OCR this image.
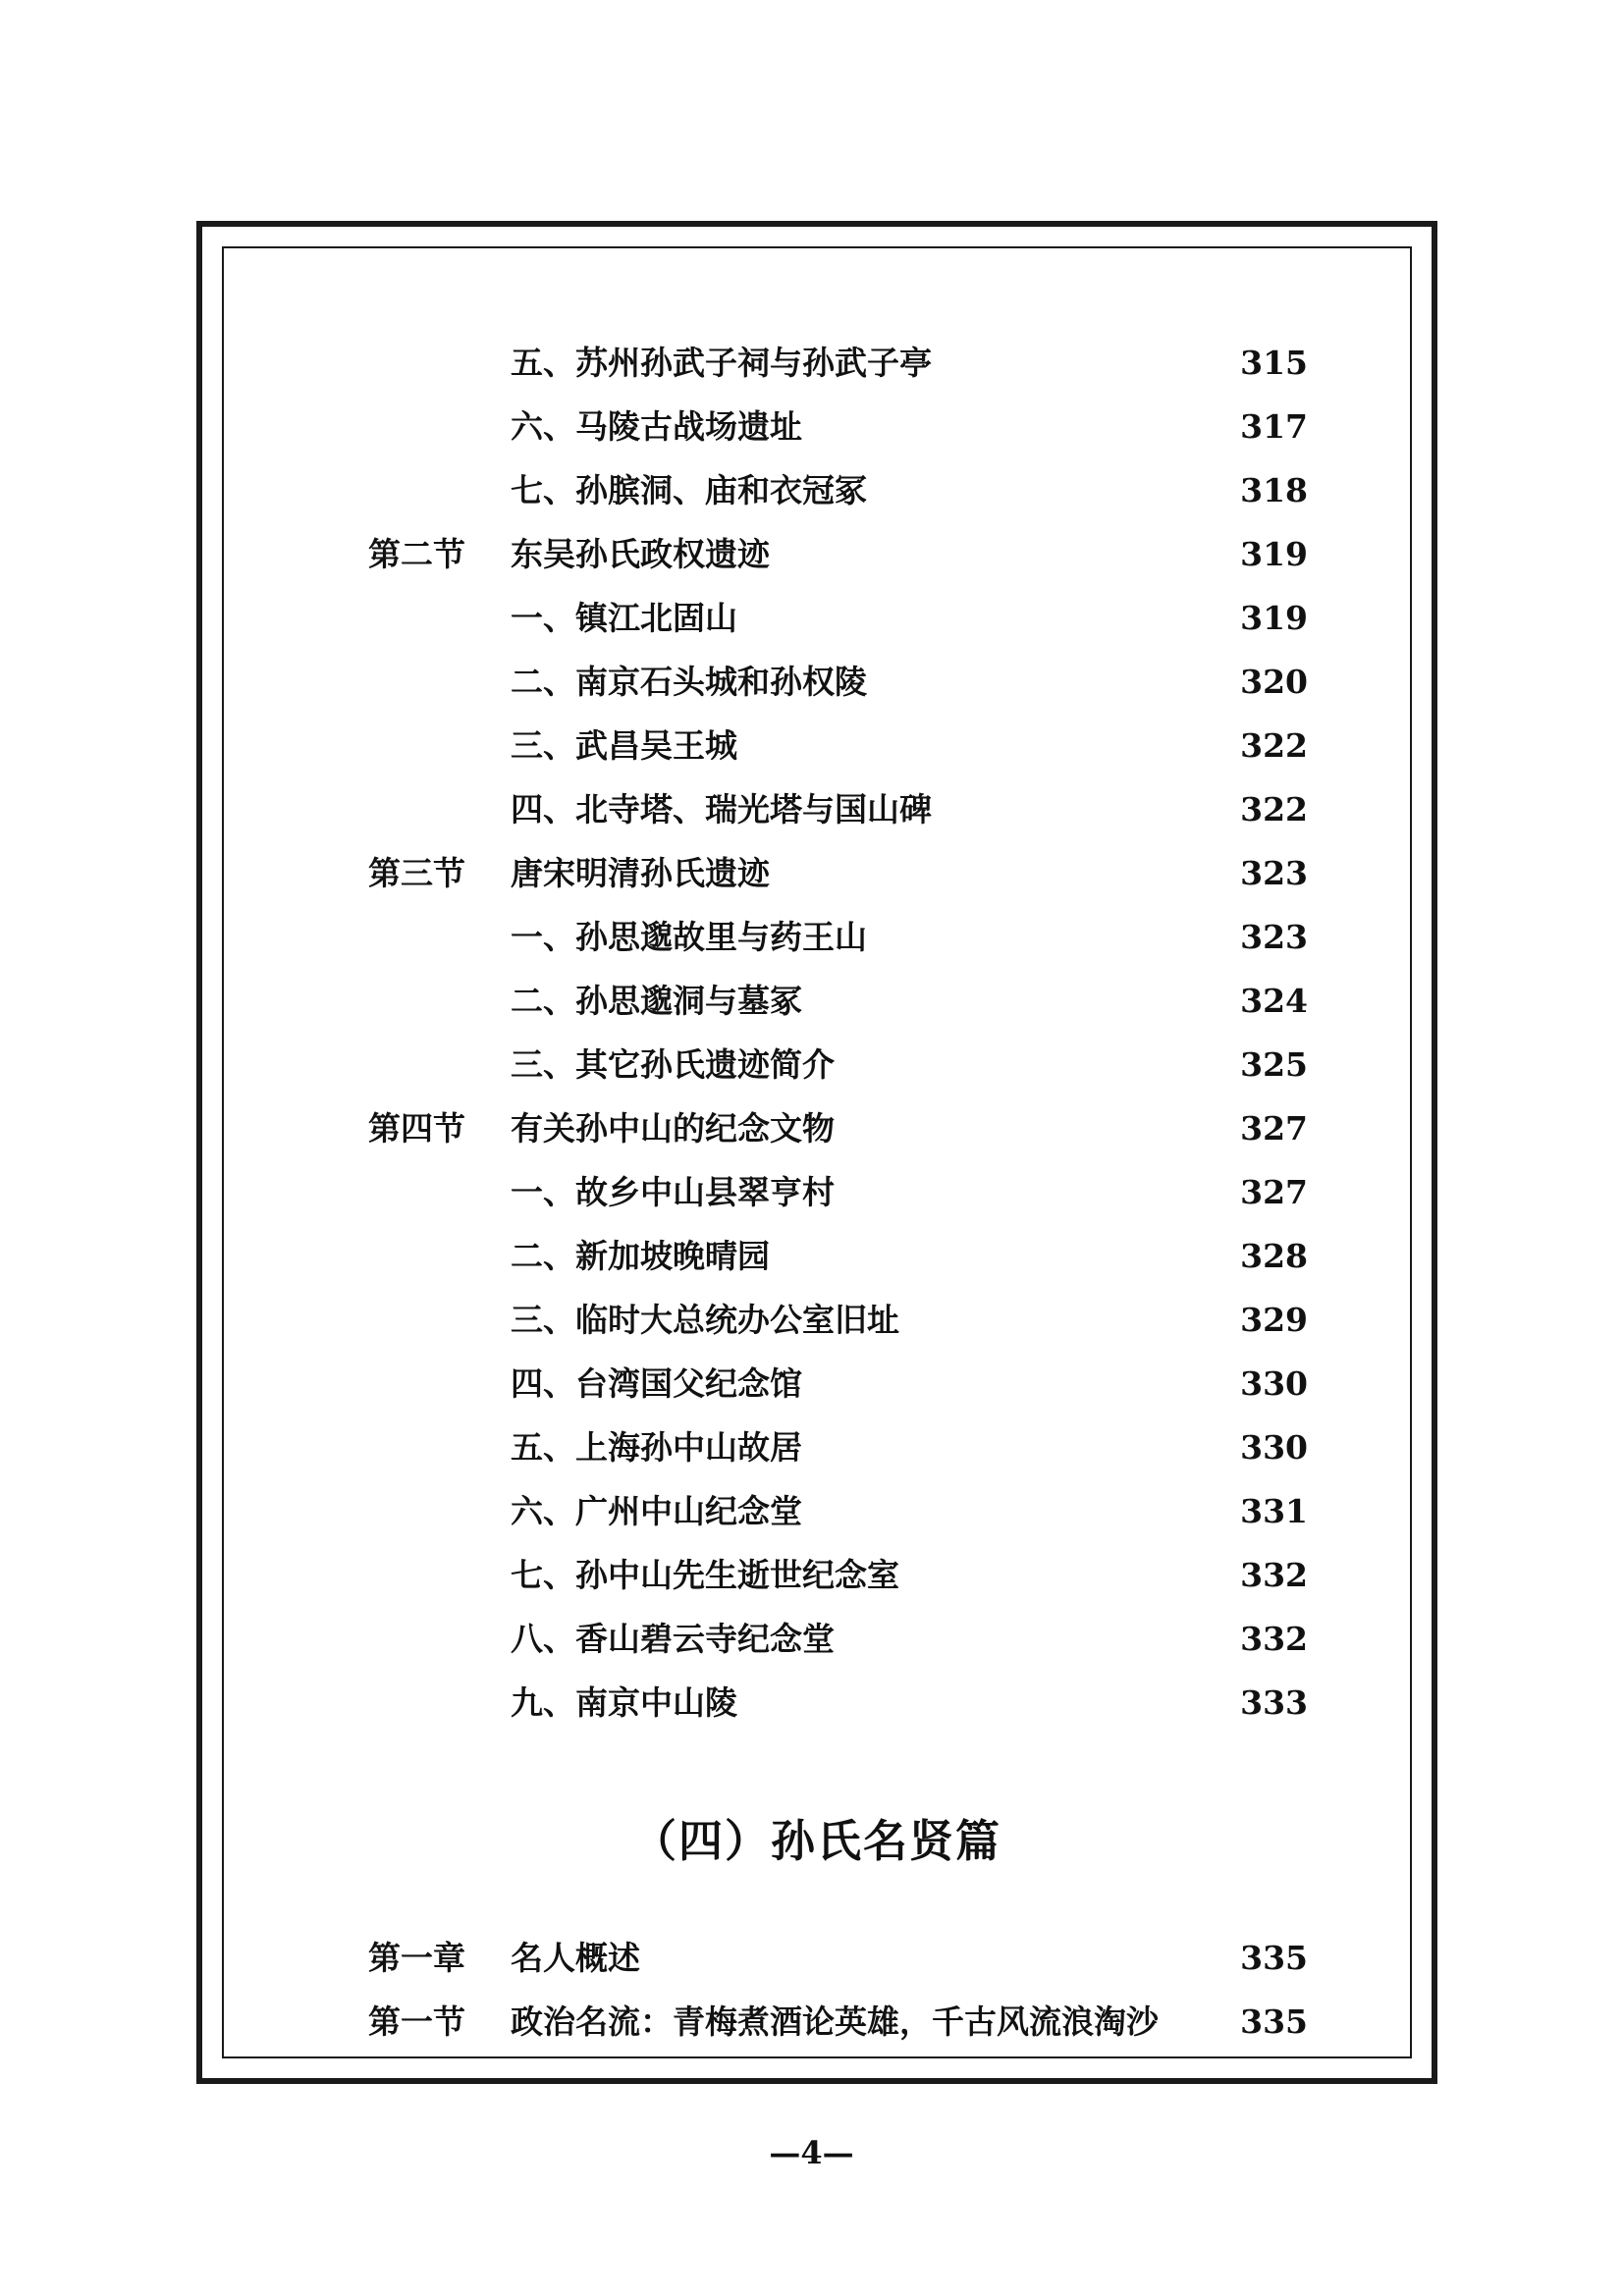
五、苏州孙武子祠与孙武子亭	315
六、马陵古战场遗址	317
七、孙膑洞、庙和衣冠冢	318
第二节 东吴孙氏政权遗迹	319
一、镇江北固山	319
二、南京石头城和孙权陵	320
三、武昌吴王城	322
四、北寺塔、瑞光塔与国山碑	322
第三节 唐宋明清孙氏遗迹	323
一、孙思邈故里与药王山	323
二、孙思邈洞与墓冢	324
三、其它孙氏遗迹简介	325
第四节 有关孙中山的纪念文物	327
一、故乡中山县翠亨村	327
二、新加坡晚晴园	328
三、临时大总统办公室旧址	329
四、台湾国父纪念馆	330
五、上海孙中山故居	330
六、广州中山纪念堂	331
七、孙中山先生逝世纪念室	332
八、香山碧云寺纪念堂	332
九、南京中山陵	333
（四）孙氏名贤篇
第一章 名人概述	335
第一节 政治名流：青梅煮酒论英雄，千古风流浪淘沙	335
—4—
